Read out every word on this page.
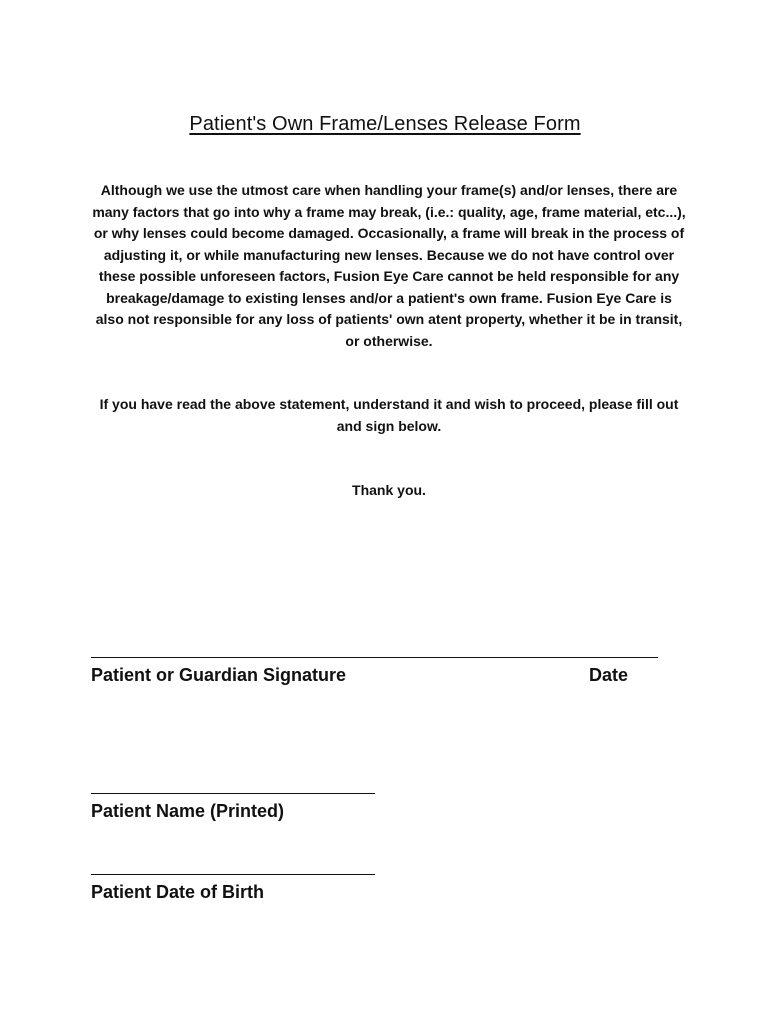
Patient's Own Frame/Lenses Release Form
Although we use the utmost care when handling your frame(s) and/or lenses, there are many factors that go into why a frame may break, (i.e.: quality, age, frame material, etc...), or why lenses could become damaged. Occasionally, a frame will break in the process of adjusting it, or while manufacturing new lenses. Because we do not have control over these possible unforeseen factors, Fusion Eye Care cannot be held responsible for any breakage/damage to existing lenses and/or a patient's own frame. Fusion Eye Care is also not responsible for any loss of patients' own atent property, whether it be in transit, or otherwise.
If you have read the above statement, understand it and wish to proceed, please fill out and sign below.
Thank you.
Patient or Guardian Signature	Date
Patient Name (Printed)
Patient Date of Birth
